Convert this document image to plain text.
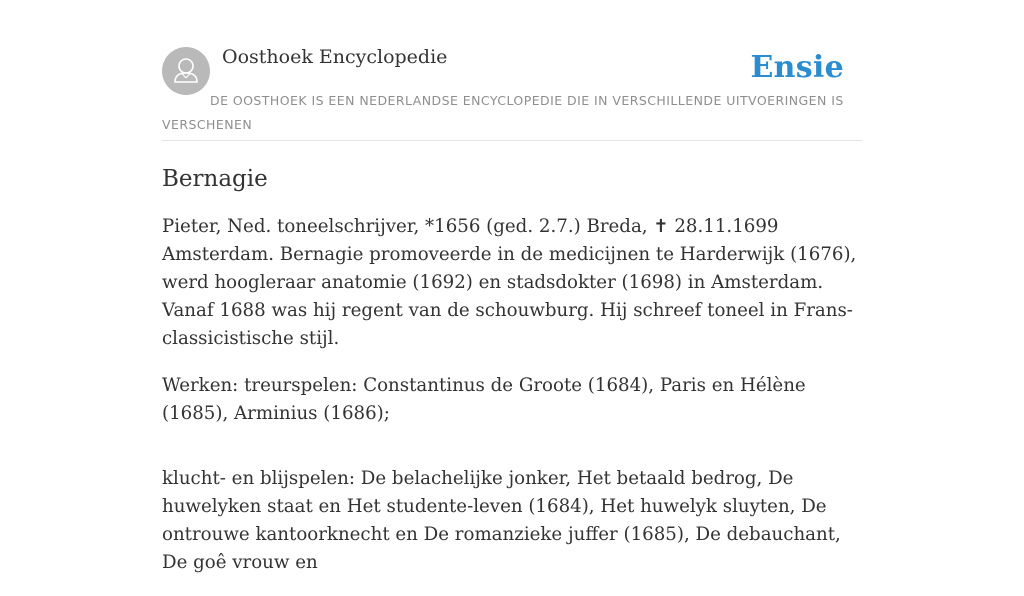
Oosthoek Encyclopedie	Ensie
DE OOSTHOEK IS EEN NEDERLANDSE ENCYCLOPEDIE DIE IN VERSCHILLENDE UITVOERINGEN IS VERSCHENEN
Bernagie

Pieter, Ned. toneelschrijver, *1656 (ged. 2.7.) Breda, ✝ 28.11.1699 Amsterdam. Bernagie promoveerde in de medicijnen te Harderwijk (1676), werd hoogleraar anatomie (1692) en stadsdokter (1698) in Amsterdam. Vanaf 1688 was hij regent van de schouwburg. Hij schreef toneel in Frans-classicistische stijl.

Werken: treurspelen: Constantinus de Groote (1684), Paris en Hélène (1685), Arminius (1686);

klucht- en blijspelen: De belachelijke jonker, Het betaald bedrog, De huwelyken staat en Het studente-leven (1684), Het huwelyk sluyten, De ontrouwe kantoorknecht en De romanzieke juffer (1685), De debauchant, De goê vrouw en
